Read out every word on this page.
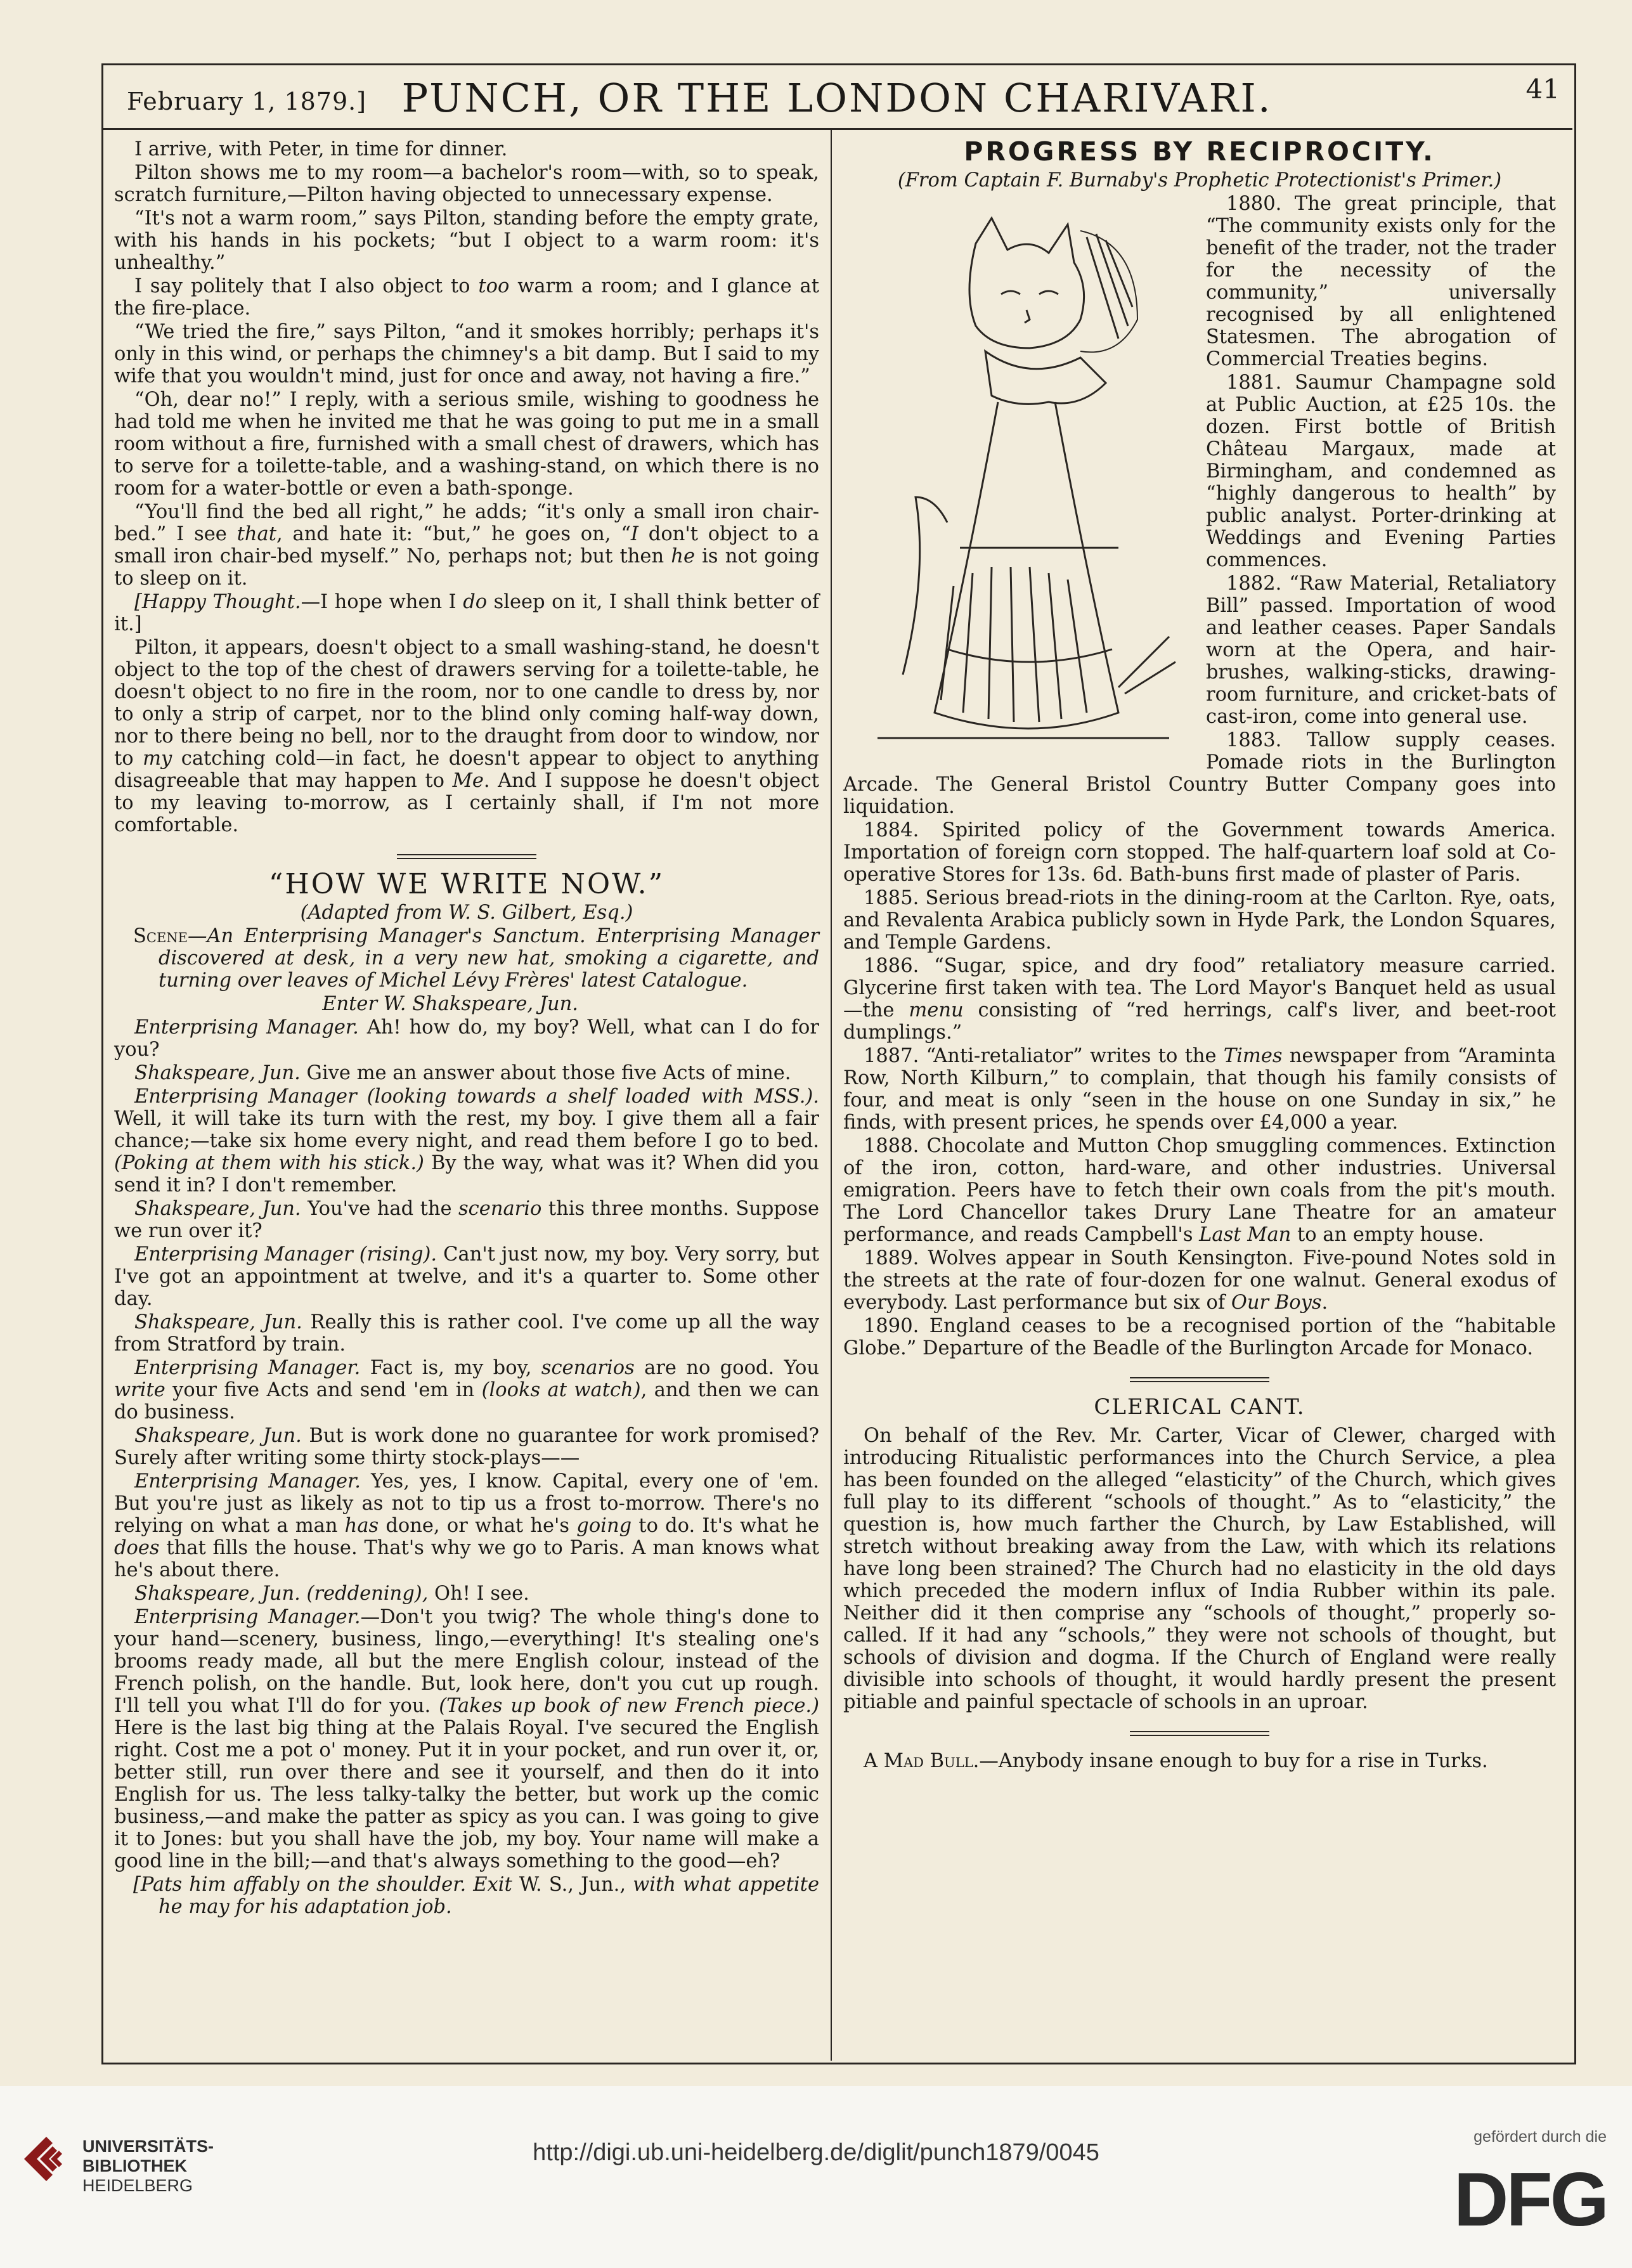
February 1, 1879.] PUNCH, OR THE LONDON CHARIVARI.	41

I arrive, with Peter, in time for dinner.

Pilton shows me to my room—a bachelor's room—with, so to speak, scratch furniture,—Pilton having objected to unnecessary expense.

“It's not a warm room,” says Pilton, standing before the empty grate, with his hands in his pockets; “but I object to a warm room: it's unhealthy.”

I say politely that I also object to too warm a room; and I glance at the fire-place.

“We tried the fire,” says Pilton, “and it smokes horribly; perhaps it's only in this wind, or perhaps the chimney's a bit damp. But I said to my wife that you wouldn't mind, just for once and away, not having a fire.”

“Oh, dear no!” I reply, with a serious smile, wishing to goodness he had told me when he invited me that he was going to put me in a small room without a fire, furnished with a small chest of drawers, which has to serve for a toilette-table, and a washing-stand, on which there is no room for a water-bottle or even a bath-sponge.

“You'll find the bed all right,” he adds; “it's only a small iron chair-bed.” I see that, and hate it: “but,” he goes on, “I don't object to a small iron chair-bed myself.” No, perhaps not; but then he is not going to sleep on it.

[Happy Thought.—I hope when I do sleep on it, I shall think better of it.]

Pilton, it appears, doesn't object to a small washing-stand, he doesn't object to the top of the chest of drawers serving for a toilette-table, he doesn't object to no fire in the room, nor to one candle to dress by, nor to only a strip of carpet, nor to the blind only coming half-way down, nor to there being no bell, nor to the draught from door to window, nor to my catching cold—in fact, he doesn't appear to object to anything disagreeable that may happen to Me. And I suppose he doesn't object to my leaving to-morrow, as I certainly shall, if I'm not more comfortable.

“HOW WE WRITE NOW.”

(Adapted from W. S. Gilbert, Esq.)

Scene—An Enterprising Manager's Sanctum. Enterprising Manager discovered at desk, in a very new hat, smoking a cigarette, and turning over leaves of Michel Lévy Frères' latest Catalogue.

Enter W. Shakspeare, Jun.

Enterprising Manager. Ah! how do, my boy? Well, what can I do for you?

Shakspeare, Jun. Give me an answer about those five Acts of mine.

Enterprising Manager (looking towards a shelf loaded with MSS.). Well, it will take its turn with the rest, my boy. I give them all a fair chance;—take six home every night, and read them before I go to bed. (Poking at them with his stick.) By the way, what was it? When did you send it in? I don't remember.

Shakspeare, Jun. You've had the scenario this three months. Suppose we run over it?

Enterprising Manager (rising). Can't just now, my boy. Very sorry, but I've got an appointment at twelve, and it's a quarter to. Some other day.

Shakspeare, Jun. Really this is rather cool. I've come up all the way from Stratford by train.

Enterprising Manager. Fact is, my boy, scenarios are no good. You write your five Acts and send 'em in (looks at watch), and then we can do business.

Shakspeare, Jun. But is work done no guarantee for work promised? Surely after writing some thirty stock-plays——

Enterprising Manager. Yes, yes, I know. Capital, every one of 'em. But you're just as likely as not to tip us a frost to-morrow. There's no relying on what a man has done, or what he's going to do. It's what he does that fills the house. That's why we go to Paris. A man knows what he's about there.

Shakspeare, Jun. (reddening), Oh! I see.

Enterprising Manager.—Don't you twig? The whole thing's done to your hand—scenery, business, lingo,—everything! It's stealing one's brooms ready made, all but the mere English colour, instead of the French polish, on the handle. But, look here, don't you cut up rough. I'll tell you what I'll do for you. (Takes up book of new French piece.) Here is the last big thing at the Palais Royal. I've secured the English right. Cost me a pot o' money. Put it in your pocket, and run over it, or, better still, run over there and see it yourself, and then do it into English for us. The less talky-talky the better, but work up the comic business,—and make the patter as spicy as you can. I was going to give it to Jones: but you shall have the job, my boy. Your name will make a good line in the bill;—and that's always something to the good—eh?

[Pats him affably on the shoulder. Exit W. S., Jun., with what appetite he may for his adaptation job.

PROGRESS BY RECIPROCITY.

(From Captain F. Burnaby's Prophetic Protectionist's Primer.)

1880. The great principle, that “The community exists only for the benefit of the trader, not the trader for the necessity of the community,” universally recognised by all enlightened Statesmen. The abrogation of Commercial Treaties begins.

1881. Saumur Champagne sold at Public Auction, at £25 10s. the dozen. First bottle of British Château Margaux, made at Birmingham, and condemned as “highly dangerous to health” by public analyst. Porter-drinking at Weddings and Evening Parties commences.

1882. “Raw Material, Retaliatory Bill” passed. Importation of wood and leather ceases. Paper Sandals worn at the Opera, and hair-brushes, walking-sticks, drawing-room furniture, and cricket-bats of cast-iron, come into general use.

1883. Tallow supply ceases. Pomade riots in the Burlington Arcade. The General Bristol Country Butter Company goes into liquidation.

1884. Spirited policy of the Government towards America. Importation of foreign corn stopped. The half-quartern loaf sold at Co-operative Stores for 13s. 6d. Bath-buns first made of plaster of Paris.

1885. Serious bread-riots in the dining-room at the Carlton. Rye, oats, and Revalenta Arabica publicly sown in Hyde Park, the London Squares, and Temple Gardens.

1886. “Sugar, spice, and dry food” retaliatory measure carried. Glycerine first taken with tea. The Lord Mayor's Banquet held as usual—the menu consisting of “red herrings, calf's liver, and beet-root dumplings.”

1887. “Anti-retaliator” writes to the Times newspaper from “Araminta Row, North Kilburn,” to complain, that though his family consists of four, and meat is only “seen in the house on one Sunday in six,” he finds, with present prices, he spends over £4,000 a year.

1888. Chocolate and Mutton Chop smuggling commences. Extinction of the iron, cotton, hard-ware, and other industries. Universal emigration. Peers have to fetch their own coals from the pit's mouth. The Lord Chancellor takes Drury Lane Theatre for an amateur performance, and reads Campbell's Last Man to an empty house.

1889. Wolves appear in South Kensington. Five-pound Notes sold in the streets at the rate of four-dozen for one walnut. General exodus of everybody. Last performance but six of Our Boys.

1890. England ceases to be a recognised portion of the “habitable Globe.” Departure of the Beadle of the Burlington Arcade for Monaco.

CLERICAL CANT.

On behalf of the Rev. Mr. Carter, Vicar of Clewer, charged with introducing Ritualistic performances into the Church Service, a plea has been founded on the alleged “elasticity” of the Church, which gives full play to its different “schools of thought.” As to “elasticity,” the question is, how much farther the Church, by Law Established, will stretch without breaking away from the Law, with which its relations have long been strained? The Church had no elasticity in the old days which preceded the modern influx of India Rubber within its pale. Neither did it then comprise any “schools of thought,” properly so-called. If it had any “schools,” they were not schools of thought, but schools of division and dogma. If the Church of England were really divisible into schools of thought, it would hardly present the present pitiable and painful spectacle of schools in an uproar.

A Mad Bull.—Anybody insane enough to buy for a rise in Turks.

UNIVERSITÄTS-
BIBLIOTHEK
HEIDELBERG
http://digi.ub.uni-heidelberg.de/diglit/punch1879/0045
gefördert durch die
DFG
